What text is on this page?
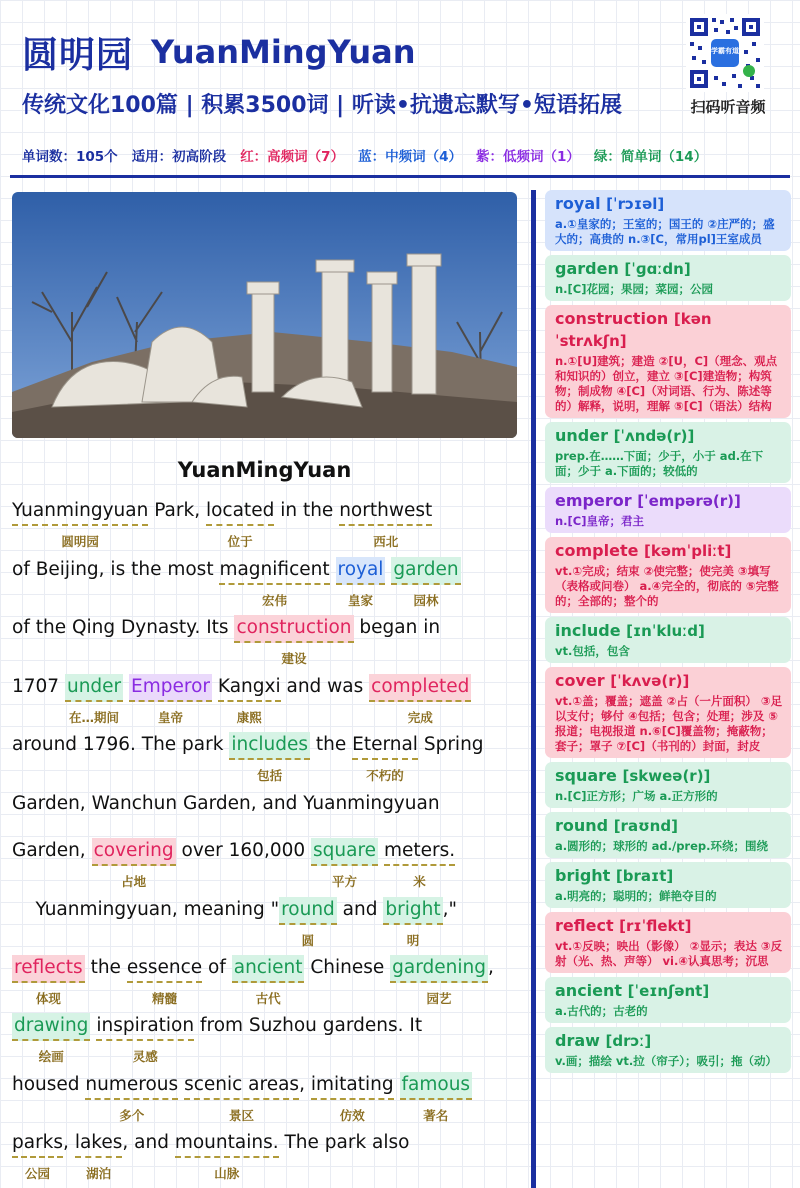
圆明园 YuanMingYuan
传统文化100篇 | 积累3500词 | 听读•抗遗忘默写•短语拓展
学霸有道
扫码听音频
单词数：105个 适用：初高阶段 红：高频词（7） 蓝：中频词（4） 紫：低频词（1） 绿：简单词（14）
YuanMingYuan
Yuanmingyuan
圆明园
Park, located
位于
in the northwest
西北
of Beijing, is the most magnificent
宏伟
royal
皇家
garden
园林
of the Qing Dynasty. Its construction
建设
began in
1707 under
在…期间
Emperor
皇帝
Kangxi
康熙
and was completed
完成
around 1796. The park includes
包括
the Eternal
不朽的
Spring
Garden, Wanchun Garden, and Yuanmingyuan
Garden, covering
占地
over 160,000 square
平方
meters.
米
Yuanmingyuan, meaning " round
圆
and bright
明
,"
reflects
体现
the essence
精髓
of ancient
古代
Chinese gardening
园艺
,
drawing
绘画
inspiration
灵感
from Suzhou gardens. It
housed numerous
多个
scenic areas
景区
, imitating
仿效
famous
著名
parks
公园
, lakes
湖泊
, and mountains.
山脉
The park also
royal [ˈrɔɪəl]
a.①皇家的；王室的；国王的 ②庄严的；盛大的；高贵的 n.③[C，常用pl]王室成员
garden [ˈɡɑːdn]
n.[C]花园；果园；菜园；公园
construction [kənˈstrʌkʃn]
n.①[U]建筑；建造 ②[U，C]（理念、观点和知识的）创立，建立 ③[C]建造物；构筑物；制成物 ④[C]（对词语、行为、陈述等的）解释，说明，理解 ⑤[C]（语法）结构
under [ˈʌndə(r)]
prep.在……下面；少于，小于 ad.在下面；少于 a.下面的；较低的
emperor [ˈempərə(r)]
n.[C]皇帝；君主
complete [kəmˈpliːt]
vt.①完成；结束 ②使完整；使完美 ③填写（表格或问卷） a.④完全的，彻底的 ⑤完整的；全部的；整个的
include [ɪnˈkluːd]
vt.包括，包含
cover [ˈkʌvə(r)]
vt.①盖；覆盖；遮盖 ②占（一片面积） ③足以支付；够付 ④包括；包含；处理；涉及 ⑤报道；电视报道 n.⑥[C]覆盖物；掩蔽物；套子；罩子 ⑦[C]（书刊的）封面，封皮
square [skweə(r)]
n.[C]正方形；广场 a.正方形的
round [raʊnd]
a.圆形的；球形的 ad./prep.环绕；围绕
bright [braɪt]
a.明亮的；聪明的；鲜艳夺目的
reflect [rɪˈflekt]
vt.①反映；映出（影像） ②显示；表达 ③反射（光、热、声等） vi.④认真思考；沉思
ancient [ˈeɪnʃənt]
a.古代的；古老的
draw [drɔː]
v.画；描绘 vt.拉（帘子）；吸引；拖（动）
